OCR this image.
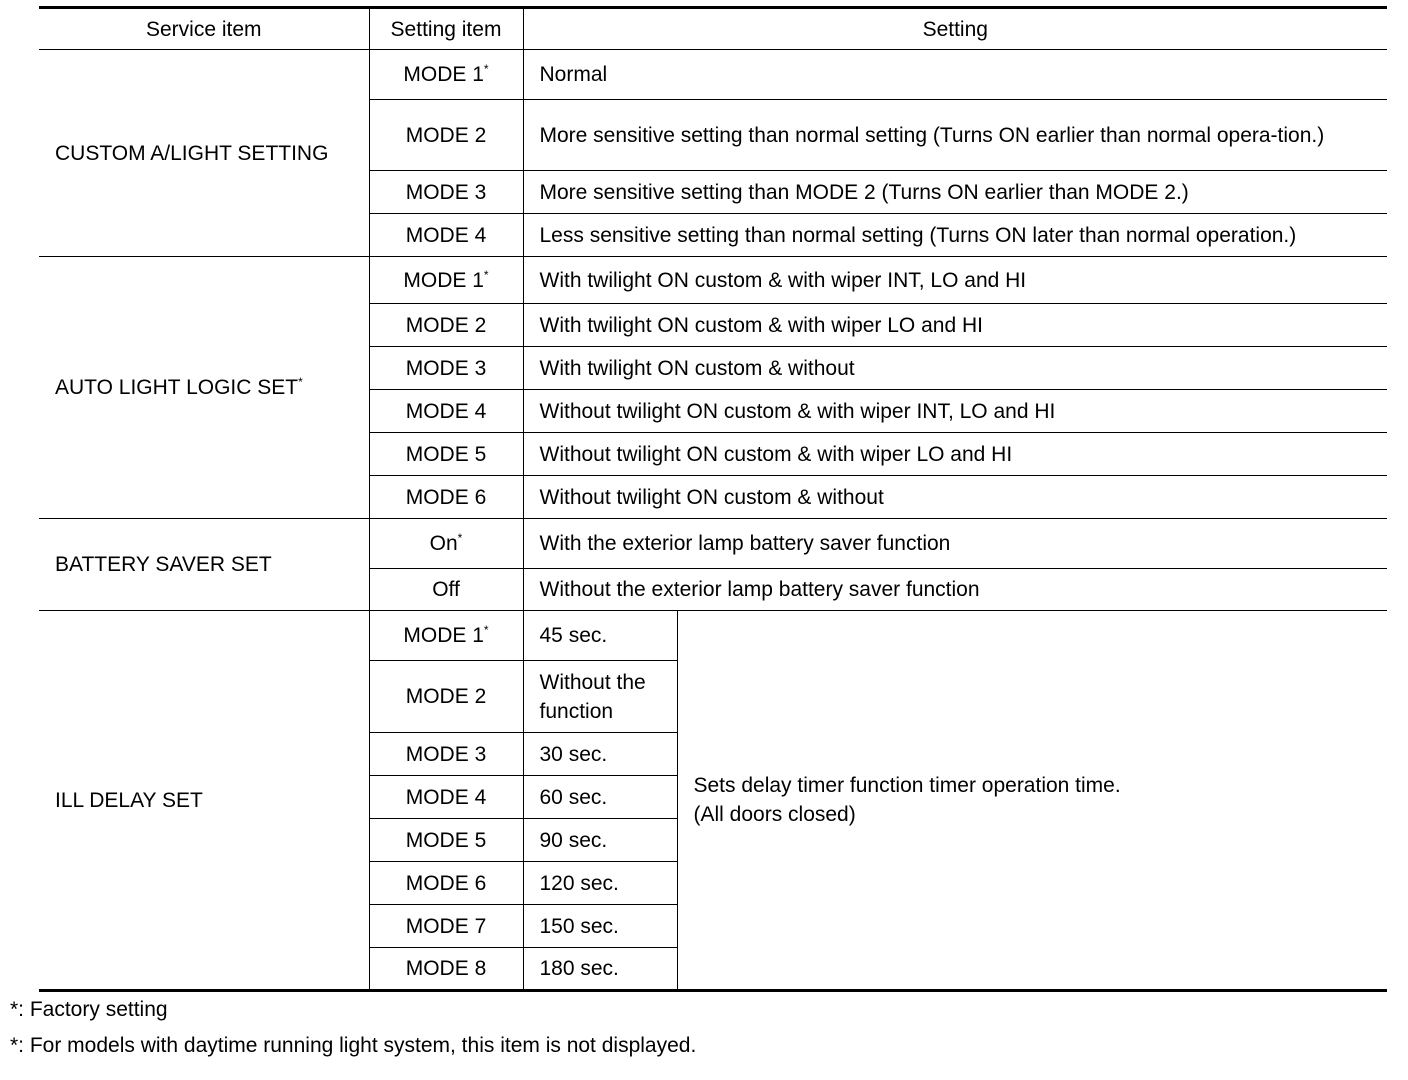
Service item	Setting item	Setting	
CUSTOM A/LIGHT SETTING	MODE 1*	Normal	
	MODE 2	More sensitive setting than normal setting (Turns ON earlier than normal opera-tion.)	
	MODE 3	More sensitive setting than MODE 2 (Turns ON earlier than MODE 2.)	
	MODE 4	Less sensitive setting than normal setting (Turns ON later than normal operation.)	
AUTO LIGHT LOGIC SET*	MODE 1*	With twilight ON custom & with wiper INT, LO and HI	
	MODE 2	With twilight ON custom & with wiper LO and HI	
	MODE 3	With twilight ON custom & without	
	MODE 4	Without twilight ON custom & with wiper INT, LO and HI	
	MODE 5	Without twilight ON custom & with wiper LO and HI	
	MODE 6	Without twilight ON custom & without	
BATTERY SAVER SET	On*	With the exterior lamp battery saver function	
	Off	Without the exterior lamp battery saver function	
ILL DELAY SET	MODE 1*	45 sec.	Sets delay timer function timer operation time.
(All doors closed)

	MODE 2	Without the function	
	MODE 3	30 sec.	
	MODE 4	60 sec.	
	MODE 5	90 sec.	
	MODE 6	120 sec.	
	MODE 7	150 sec.	
	MODE 8	180 sec.	
*: Factory setting
*: For models with daytime running light system, this item is not displayed.
